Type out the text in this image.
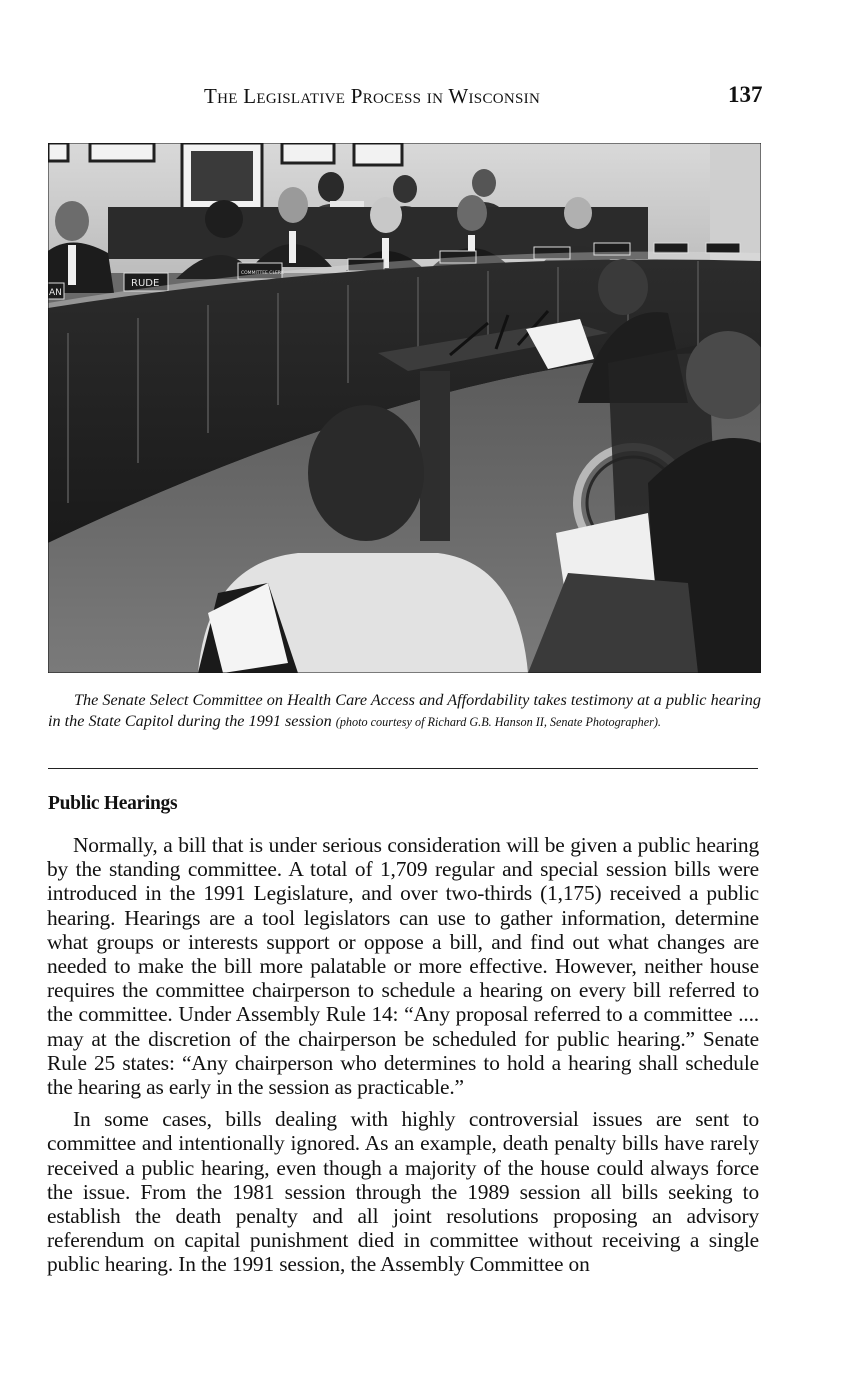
The Legislative Process in Wisconsin	137
AN
RUDE
COMMITTEE CLERK
The Senate Select Committee on Health Care Access and Affordability takes testimony at a public hearing in the State Capitol during the 1991 session (photo courtesy of Richard G.B. Hanson II, Senate Photographer).
Public Hearings

Normally, a bill that is under serious consideration will be given a public hearing by the standing committee. A total of 1,709 regular and special session bills were introduced in the 1991 Legislature, and over two-thirds (1,175) received a public hearing. Hearings are a tool legislators can use to gather information, determine what groups or interests support or oppose a bill, and find out what changes are needed to make the bill more palatable or more effective. However, neither house requires the committee chairperson to schedule a hearing on every bill referred to the committee. Under Assembly Rule 14: “Any proposal referred to a committee .... may at the discretion of the chairperson be scheduled for public hearing.” Senate Rule 25 states: “Any chairperson who determines to hold a hearing shall schedule the hearing as early in the session as practicable.”

In some cases, bills dealing with highly controversial issues are sent to committee and intentionally ignored. As an example, death penalty bills have rarely received a public hearing, even though a majority of the house could always force the issue. From the 1981 session through the 1989 session all bills seeking to establish the death penalty and all joint resolutions proposing an advisory referendum on capital punishment died in committee without receiving a single public hearing. In the 1991 session, the Assembly Committee on
